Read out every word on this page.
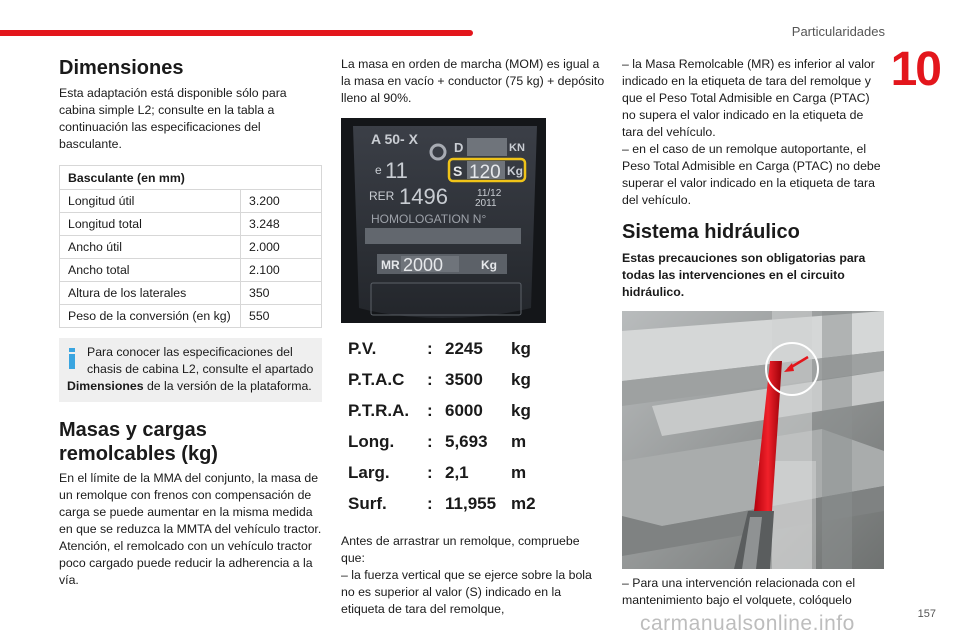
Particularidades
10
Dimensiones

Esta adaptación está disponible sólo para cabina simple L2; consulte en la tabla a continuación las especificaciones del basculante.

Basculante (en mm)	
Longitud útil	3.200
Longitud total	3.248
Ancho útil	2.000
Ancho total	2.100
Altura de los laterales	350
Peso de la conversión (en kg)	550
Para conocer las especificaciones del chasis de cabina L2, consulte el apartado Dimensiones de la versión de la plataforma.
Masas y cargas remolcables (kg)

En el límite de la MMA del conjunto, la masa de un remolque con frenos con compensación de carga se puede aumentar en la misma medida en que se reduzca la MMTA del vehículo tractor. Atención, el remolcado con un vehículo tractor poco cargado puede reducir la adherencia a la vía.

La masa en orden de marcha (MOM) es igual a la masa en vacío + conductor (75 kg) + depósito lleno al 90%.

A 50- X
D	KN
e 11	S 120 Kg
RER 1496	11/12
2011
HOMOLOGATION N°
MR 2000	Kg
P.V.	: 2245	kg
P.T.A.C	: 3500	kg
P.T.R.A.	: 6000	kg
Long.	: 5,693	m
Larg.	: 2,1	m
Surf.	: 11,955 m2

Antes de arrastrar un remolque, compruebe que:

– la fuerza vertical que se ejerce sobre la bola no es superior al valor (S) indicado en la etiqueta de tara del remolque,

– la Masa Remolcable (MR) es inferior al valor indicado en la etiqueta de tara del remolque y que el Peso Total Admisible en Carga (PTAC) no supera el valor indicado en la etiqueta de tara del vehículo.

– en el caso de un remolque autoportante, el Peso Total Admisible en Carga (PTAC) no debe superar el valor indicado en la etiqueta de tara del vehículo.

Sistema hidráulico

Estas precauciones son obligatorias para todas las intervenciones en el circuito hidráulico.

– Para una intervención relacionada con el mantenimiento bajo el volquete, colóquelo

carmanualsonline.info	157
